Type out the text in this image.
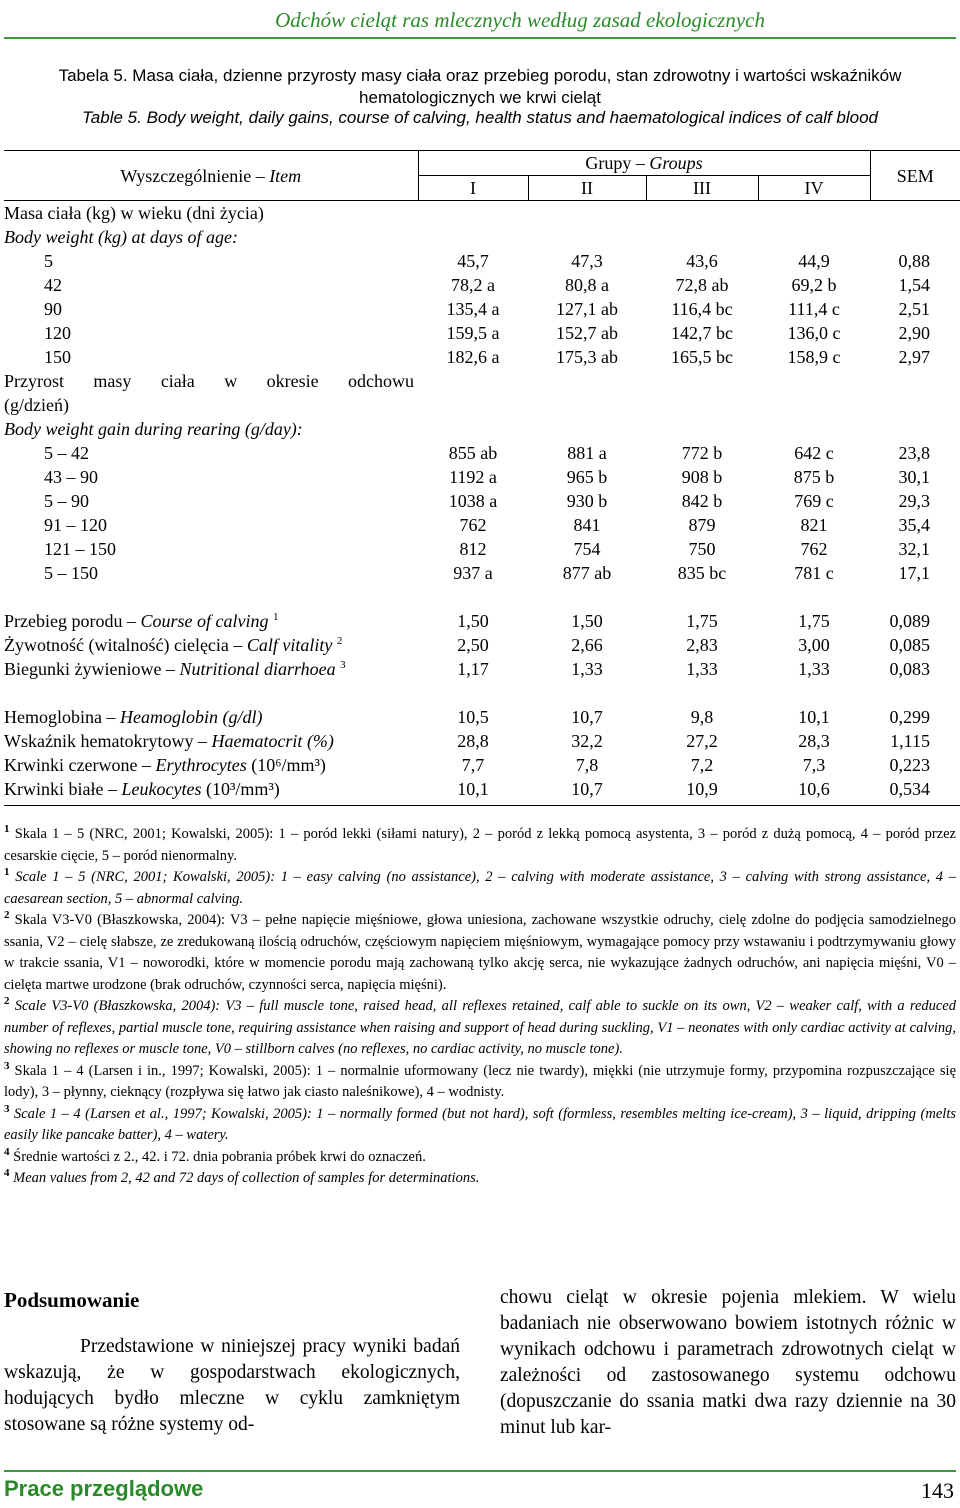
Odchów cieląt ras mlecznych według zasad ekologicznych
Tabela 5. Masa ciała, dzienne przyrosty masy ciała oraz przebieg porodu, stan zdrowotny i wartości wskaźników
hematologicznych we krwi cieląt
Table 5. Body weight, daily gains, course of calving, health status and haematological indices of calf blood
Wyszczególnienie – Item	Grupy – Groups				SEM
	I	II	III	IV	
Masa ciała (kg) w wieku (dni życia)					
Body weight (kg) at days of age:					
5	45,7	47,3	43,6	44,9	0,88
42	78,2 a	80,8 a	72,8 ab	69,2 b	1,54
90	135,4 a	127,1 ab	116,4 bc	111,4 c	2,51
120	159,5 a	152,7 ab	142,7 bc	136,0 c	2,90
150	182,6 a	175,3 ab	165,5 bc	158,9 c	2,97
Przyrost masy ciała w okresie odchowu					
(g/dzień)					
Body weight gain during rearing (g/day):					
5 – 42	855 ab	881 a	772 b	642 c	23,8
43 – 90	1192 a	965 b	908 b	875 b	30,1
5 – 90	1038 a	930 b	842 b	769 c	29,3
91 – 120	762	841	879	821	35,4
121 – 150	812	754	750	762	32,1
5 – 150	937 a	877 ab	835 bc	781 c	17,1

Przebieg porodu – Course of calving $^1$	1,50	1,50	1,75	1,75	0,089
Żywotność (witalność) cielęcia – Calf vitality $^2$	2,50	2,66	2,83	3,00	0,085
Biegunki żywieniowe – Nutritional diarrhoea $^3$	1,17	1,33	1,33	1,33	0,083

Hemoglobina – Heamoglobin (g/dl)	10,5	10,7	9,8	10,1	0,299
Wskaźnik hematokrytowy – Haematocrit (%)	28,8	32,2	27,2	28,3	1,115
Krwinki czerwone – Erythrocytes (10⁶/mm³)	7,7	7,8	7,2	7,3	0,223
Krwinki białe – Leukocytes (10³/mm³)	10,1	10,7	10,9	10,6	0,534

$^1$ Skala 1 – 5 (NRC, 2001; Kowalski, 2005): 1 – poród lekki (siłami natury), 2 – poród z lekką pomocą asystenta, 3 – poród z dużą pomocą, 4 – poród przez cesarskie cięcie, 5 – poród nienormalny.

$^1$ Scale 1 – 5 (NRC, 2001; Kowalski, 2005): 1 – easy calving (no assistance), 2 – calving with moderate assistance, 3 – calving with strong assistance, 4 – caesarean section, 5 – abnormal calving.

$^2$ Skala V3-V0 (Błaszkowska, 2004): V3 – pełne napięcie mięśniowe, głowa uniesiona, zachowane wszystkie odruchy, cielę zdolne do podjęcia samodzielnego ssania, V2 – cielę słabsze, ze zredukowaną ilością odruchów, częściowym napięciem mięśniowym, wymagające pomocy przy wstawaniu i podtrzymywaniu głowy w trakcie ssania, V1 – noworodki, które w momencie porodu mają zachowaną tylko akcję serca, nie wykazujące żadnych odruchów, ani napięcia mięśni, V0 – cielęta martwe urodzone (brak odruchów, czynności serca, napięcia mięśni).

$^2$ Scale V3-V0 (Błaszkowska, 2004): V3 – full muscle tone, raised head, all reflexes retained, calf able to suckle on its own, V2 – weaker calf, with a reduced number of reflexes, partial muscle tone, requiring assistance when raising and support of head during suckling, V1 – neonates with only cardiac activity at calving, showing no reflexes or muscle tone, V0 – stillborn calves (no reflexes, no cardiac activity, no muscle tone).

$^3$ Skala 1 – 4 (Larsen i in., 1997; Kowalski, 2005): 1 – normalnie uformowany (lecz nie twardy), miękki (nie utrzymuje formy, przypomina rozpuszczające się lody), 3 – płynny, cieknący (rozpływa się łatwo jak ciasto naleśnikowe), 4 – wodnisty.

$^3$ Scale 1 – 4 (Larsen et al., 1997; Kowalski, 2005): 1 – normally formed (but not hard), soft (formless, resembles melting ice-cream), 3 – liquid, dripping (melts easily like pancake batter), 4 – watery.

$^4$ Średnie wartości z 2., 42. i 72. dnia pobrania próbek krwi do oznaczeń.

$^4$ Mean values from 2, 42 and 72 days of collection of samples for determinations.

Podsumowanie

Przedstawione w niniejszej pracy wyniki badań wskazują, że w gospodarstwach ekologicznych, hodujących bydło mleczne w cyklu zamkniętym stosowane są różne systemy od-

chowu cieląt w okresie pojenia mlekiem. W wielu badaniach nie obserwowano bowiem istotnych różnic w wynikach odchowu i parametrach zdrowotnych cieląt w zależności od zastosowanego systemu odchowu (dopuszczanie do ssania matki dwa razy dziennie na 30 minut lub kar-

Prace przeglądowe	143
